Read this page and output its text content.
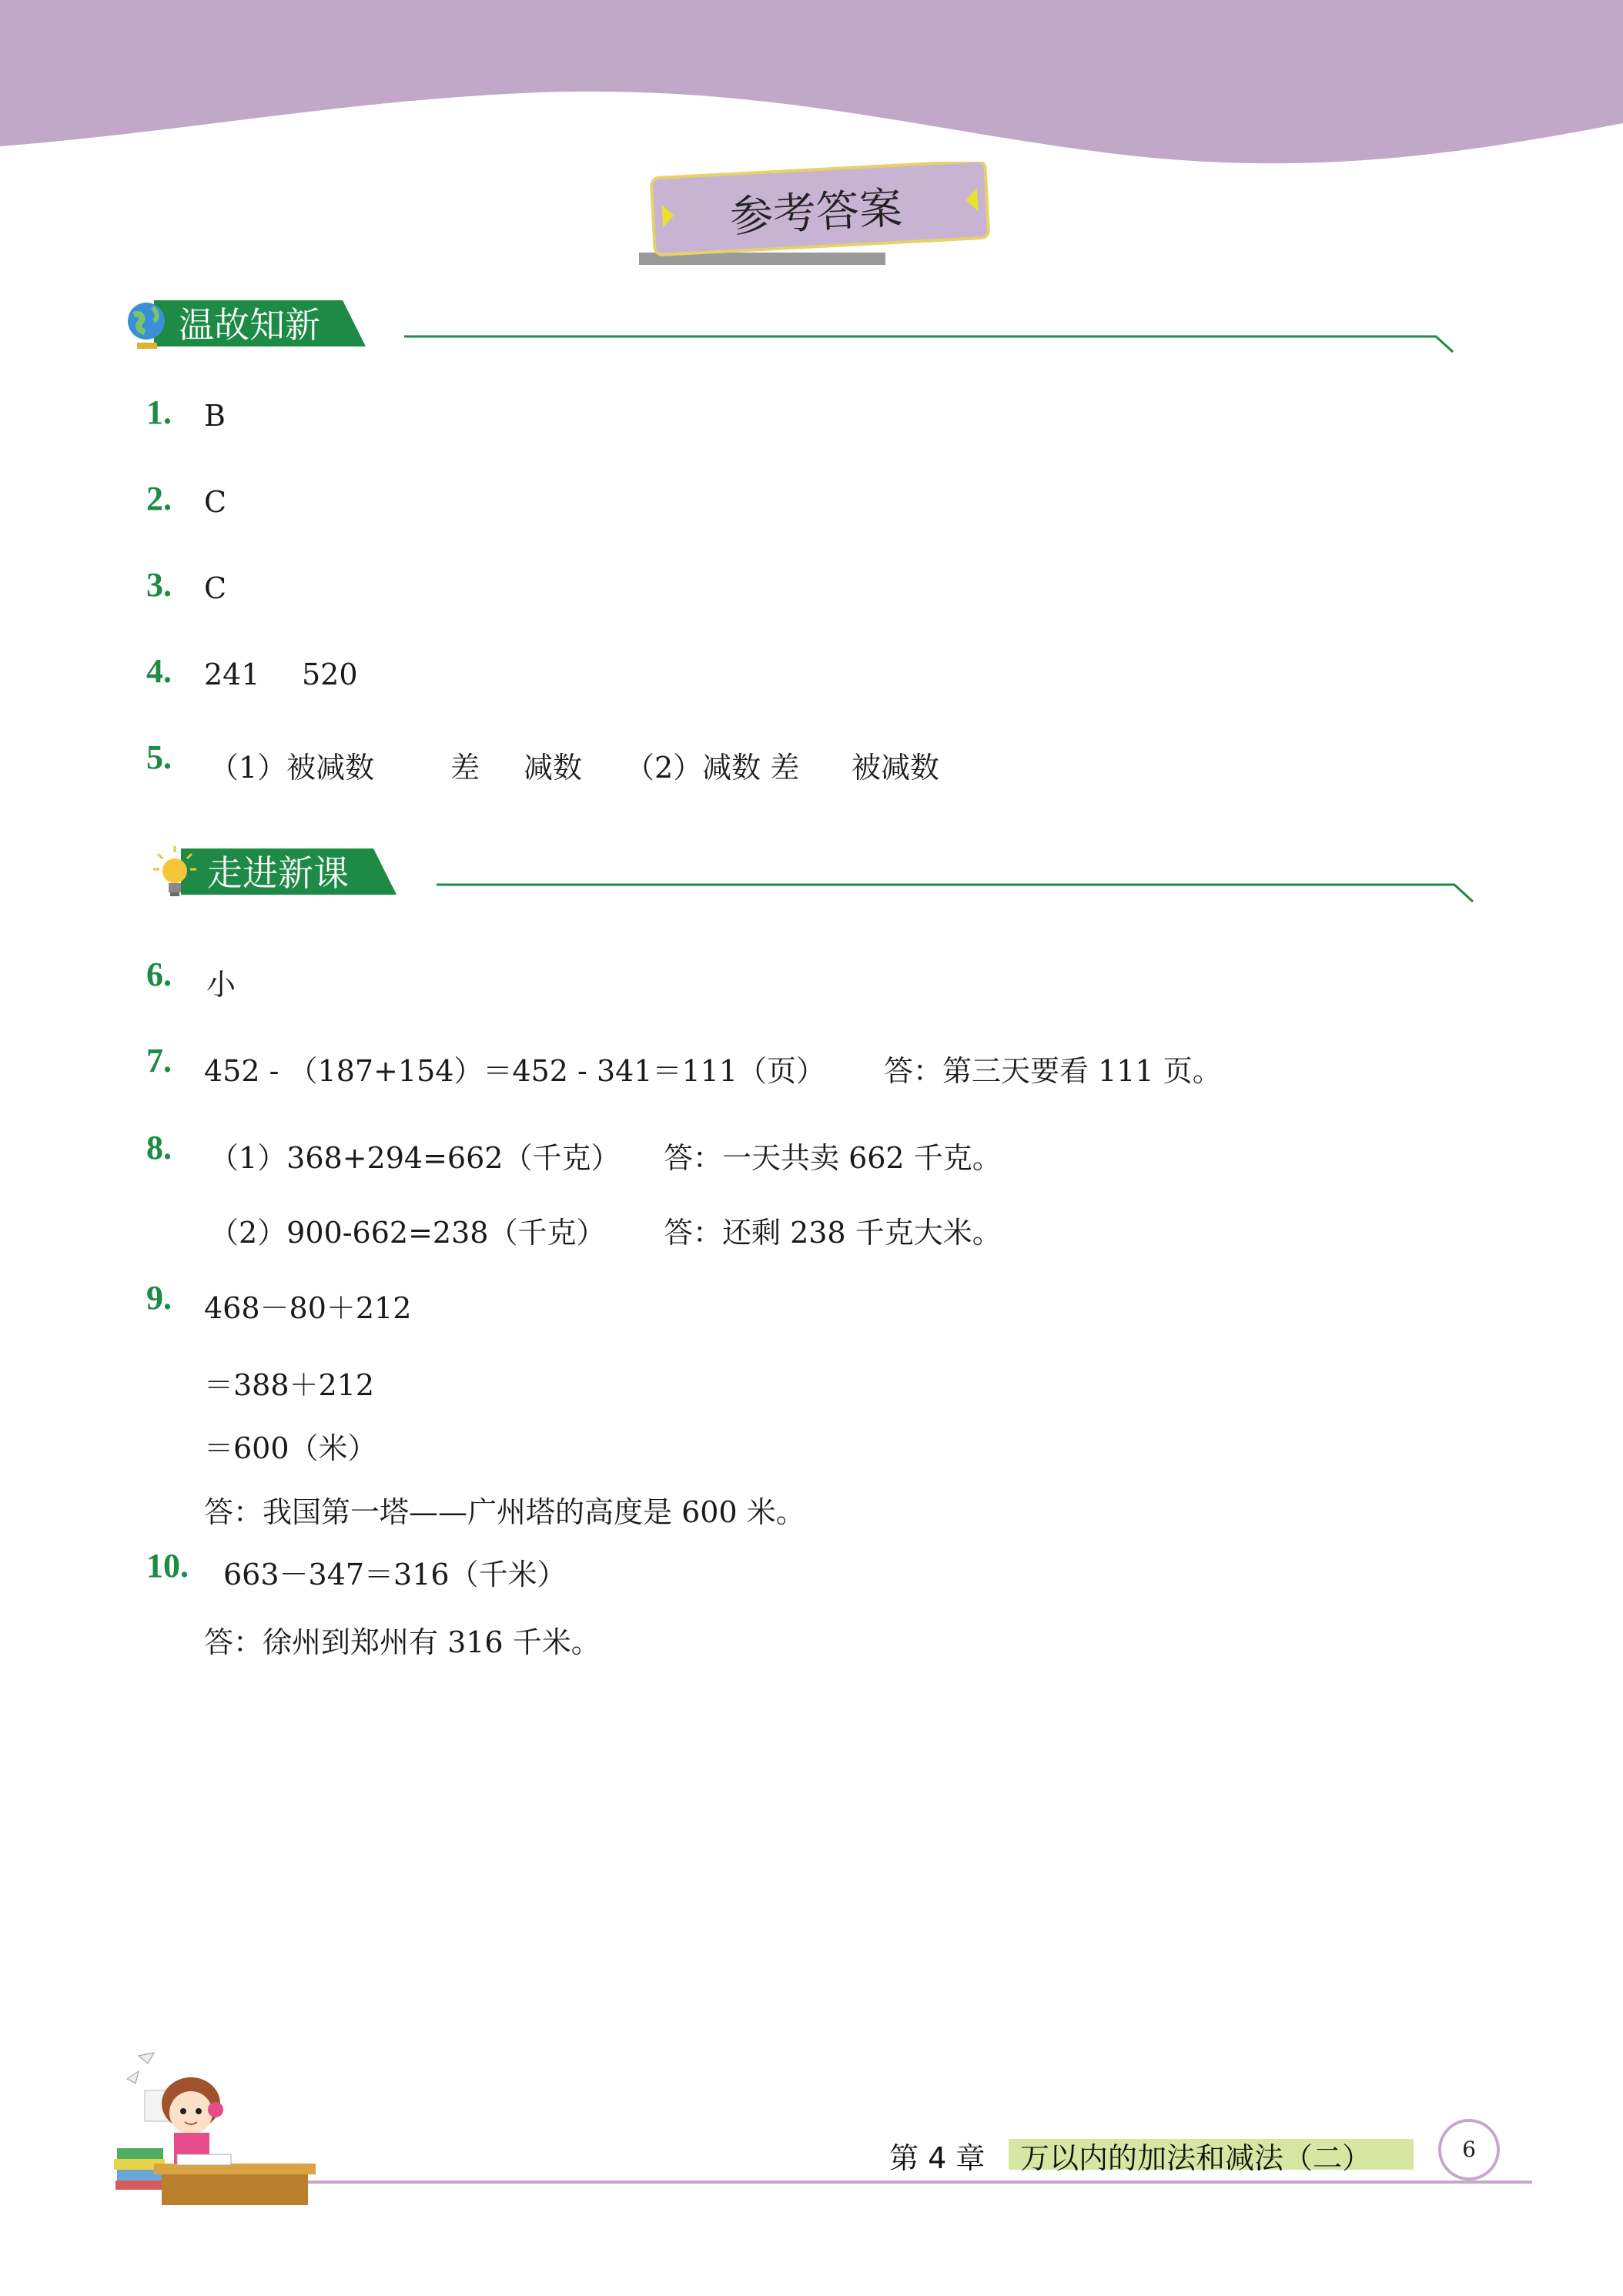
参考答案
温故知新
1. B
2. C
3. C
4. 241 520
5. （1）被减数	差 减数 （2）减数 差 被减数
走进新课
6. 小
7. 452 - （187+154）＝452 - 341＝111（页） 答：第三天要看 111 页。
8. （1）368+294=662（千克） 答：一天共卖 662 千克。
（2）900-662=238（千克） 答：还剩 238 千克大米。
9. 468－80＋212
＝388＋212
＝600（米）
答：我国第一塔——广州塔的高度是 600 米。
10. 663－347＝316（千米）
答：徐州到郑州有 316 千米。
第 4 章 万以内的加法和减法（二）	6
